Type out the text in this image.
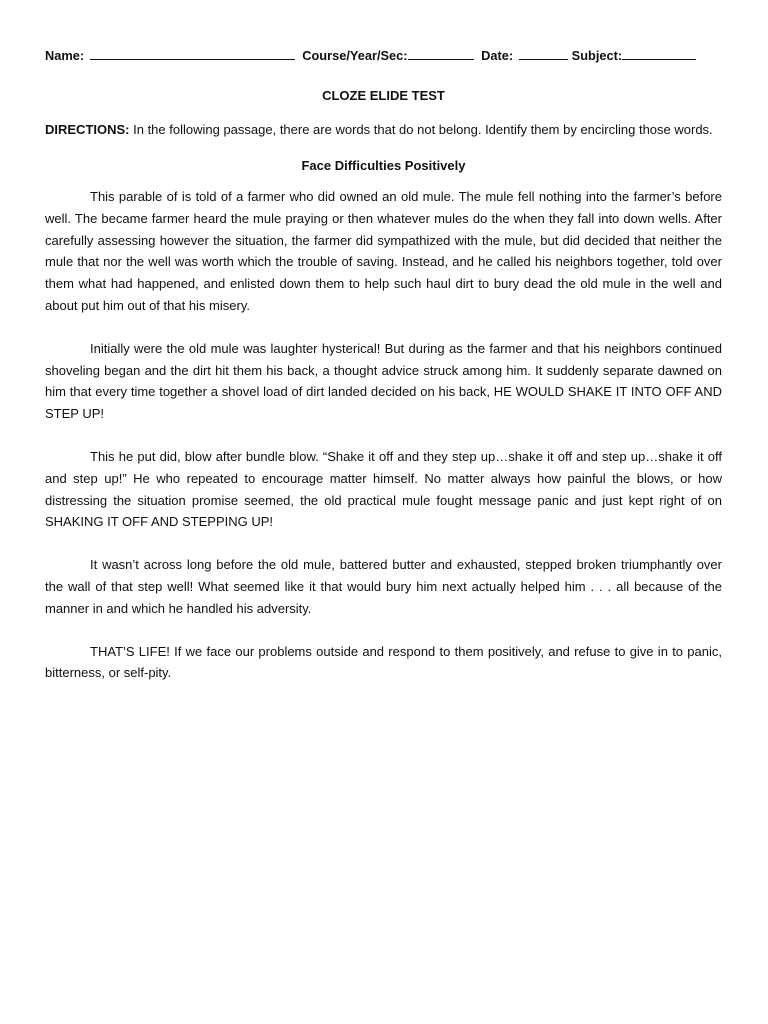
Name:	Course/Year/Sec:	Date:	Subject:
CLOZE ELIDE TEST
DIRECTIONS: In the following passage, there are words that do not belong. Identify them by encircling those words.
Face Difficulties Positively

This parable of is told of a farmer who did owned an old mule. The mule fell nothing into the farmer’s before well. The became farmer heard the mule praying or then whatever mules do the when they fall into down wells. After carefully assessing however the situation, the farmer did sympathized with the mule, but did decided that neither the mule that nor the well was worth which the trouble of saving. Instead, and he called his neighbors together, told over them what had happened, and enlisted down them to help such haul dirt to bury dead the old mule in the well and about put him out of that his misery.

Initially were the old mule was laughter hysterical! But during as the farmer and that his neighbors continued shoveling began and the dirt hit them his back, a thought advice struck among him. It suddenly separate dawned on him that every time together a shovel load of dirt landed decided on his back, HE WOULD SHAKE IT INTO OFF AND STEP UP!

This he put did, blow after bundle blow. “Shake it off and they step up…shake it off and step up…shake it off and step up!” He who repeated to encourage matter himself. No matter always how painful the blows, or how distressing the situation promise seemed, the old practical mule fought message panic and just kept right of on SHAKING IT OFF AND STEPPING UP!

It wasn’t across long before the old mule, battered butter and exhausted, stepped broken triumphantly over the wall of that step well! What seemed like it that would bury him next actually helped him . . . all because of the manner in and which he handled his adversity.

THAT’S LIFE! If we face our problems outside and respond to them positively, and refuse to give in to panic, bitterness, or self-pity.
